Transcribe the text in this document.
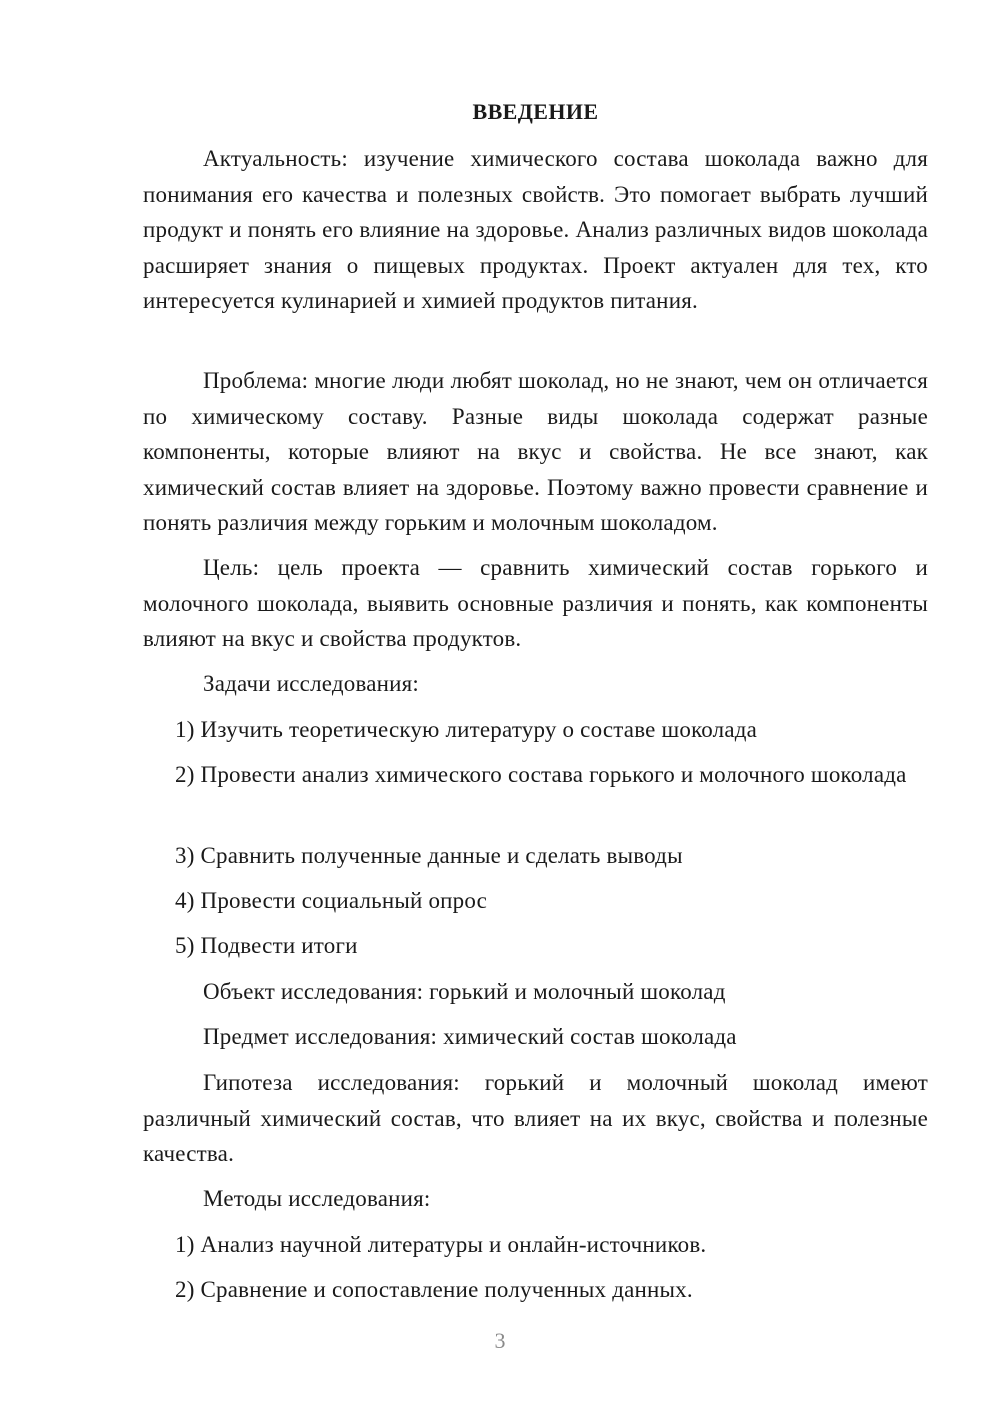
ВВЕДЕНИЕ

Актуальность: изучение химического состава шоколада важно для понимания его качества и полезных свойств. Это помогает выбрать лучший продукт и понять его влияние на здоровье. Анализ различных видов шоколада расширяет знания о пищевых продуктах. Проект актуален для тех, кто интересуется кулинарией и химией продуктов питания.

Проблема: многие люди любят шоколад, но не знают, чем он отличается по химическому составу. Разные виды шоколада содержат разные компоненты, которые влияют на вкус и свойства. Не все знают, как химический состав влияет на здоровье. Поэтому важно провести сравнение и понять различия между горьким и молочным шоколадом.

Цель: цель проекта — сравнить химический состав горького и молочного шоколада, выявить основные различия и понять, как компоненты влияют на вкус и свойства продуктов.

Задачи исследования:

1) Изучить теоретическую литературу о составе шоколада

2) Провести анализ химического состава горького и молочного шоколада

3) Сравнить полученные данные и сделать выводы

4) Провести социальный опрос

5) Подвести итоги

Объект исследования: горький и молочный шоколад

Предмет исследования: химический состав шоколада

Гипотеза исследования: горький и молочный шоколад имеют различный химический состав, что влияет на их вкус, свойства и полезные качества.

Методы исследования:

1) Анализ научной литературы и онлайн-источников.

2) Сравнение и сопоставление полученных данных.

3
